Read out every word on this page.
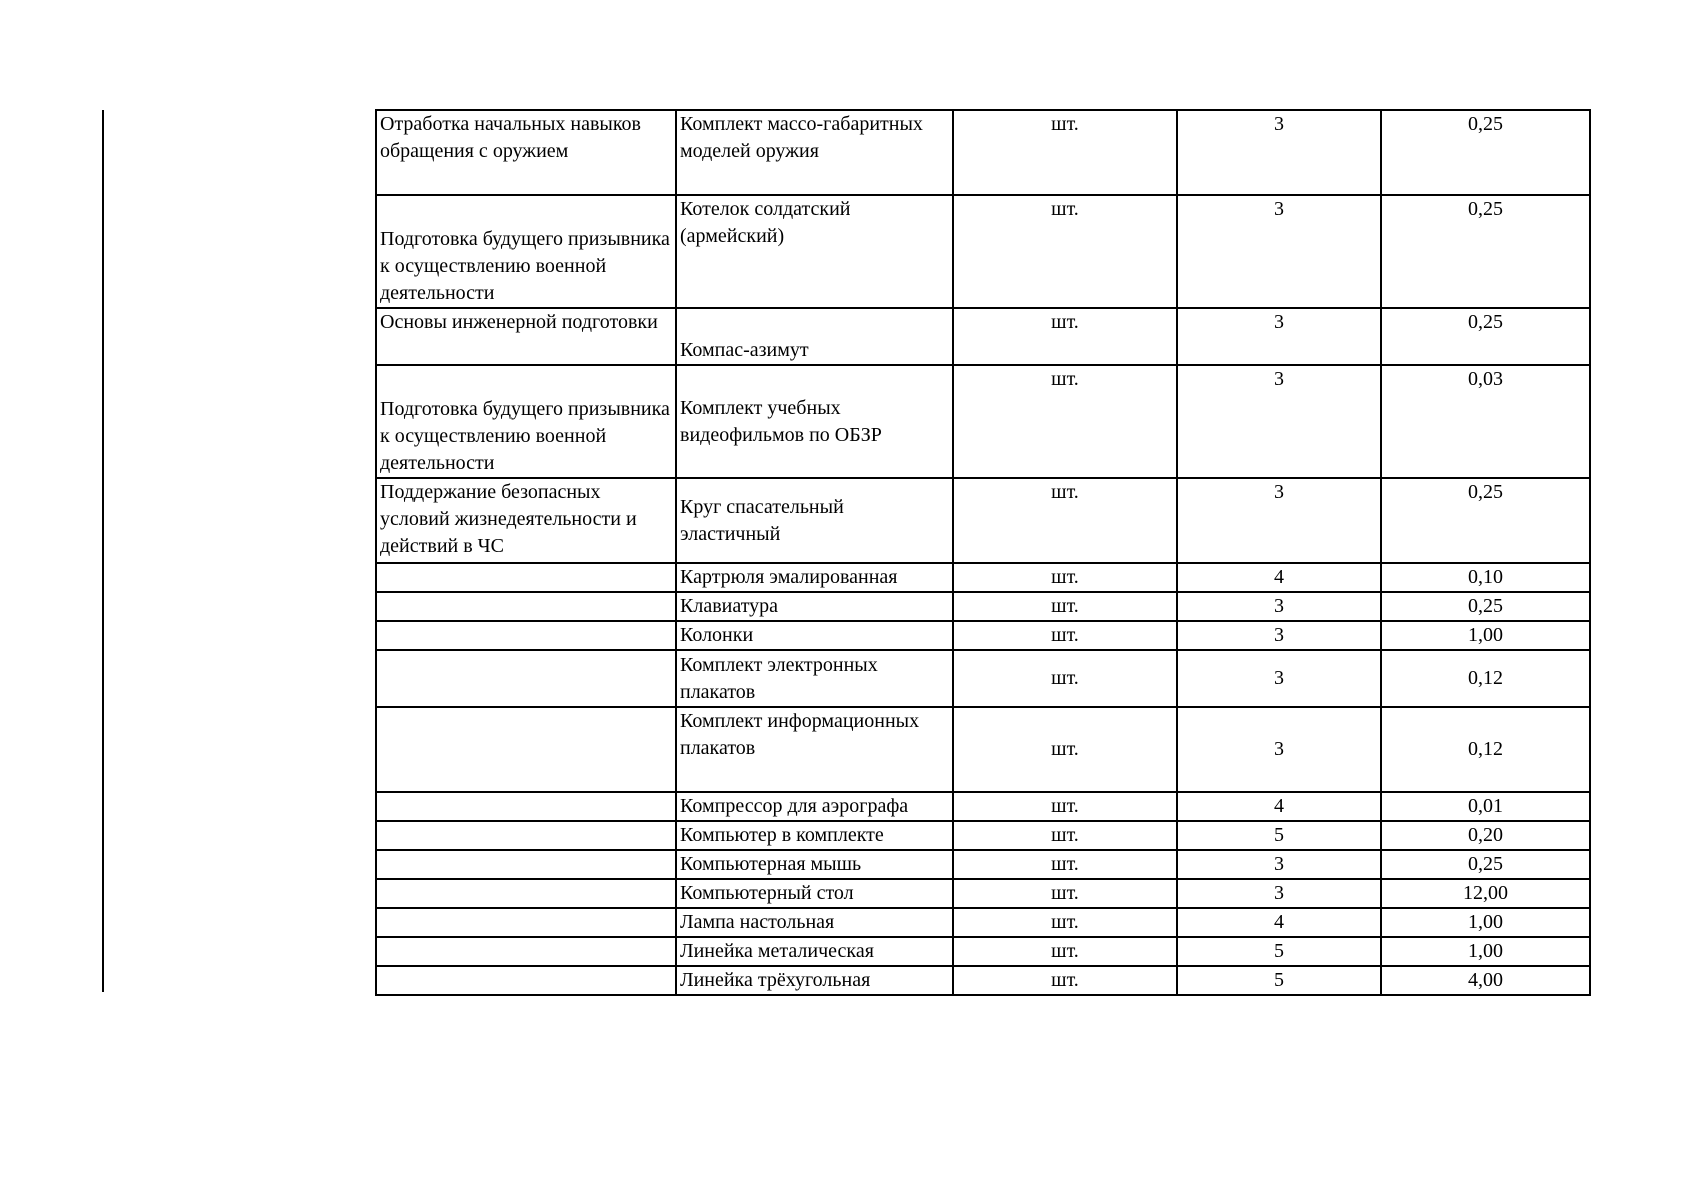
Отработка начальных навыков обращения с оружием	Комплект массо-габаритных моделей оружия	шт.	3	0,25
Подготовка будущего призывника к осуществлению военной деятельности	Котелок солдатский (армейский)	шт.	3	0,25
Основы инженерной подготовки	Компас-азимут	шт.	3	0,25
Подготовка будущего призывника к осуществлению военной деятельности	Комплект учебных видеофильмов по ОБЗР	шт.	3	0,03
Поддержание безопасных условий жизнедеятельности и действий в ЧС	Круг спасательный эластичный	шт.	3	0,25
	Картрюля эмалированная	шт.	4	0,10
	Клавиатура	шт.	3	0,25
	Колонки	шт.	3	1,00
	Комплект электронных плакатов	шт.	3	0,12
	Комплект информационных плакатов	шт.	3	0,12
	Компрессор для аэрографа	шт.	4	0,01
	Компьютер в комплекте	шт.	5	0,20
	Компьютерная мышь	шт.	3	0,25
	Компьютерный стол	шт.	3	12,00
	Лампа настольная	шт.	4	1,00
	Линейка металическая	шт.	5	1,00
	Линейка трёхугольная	шт.	5	4,00
